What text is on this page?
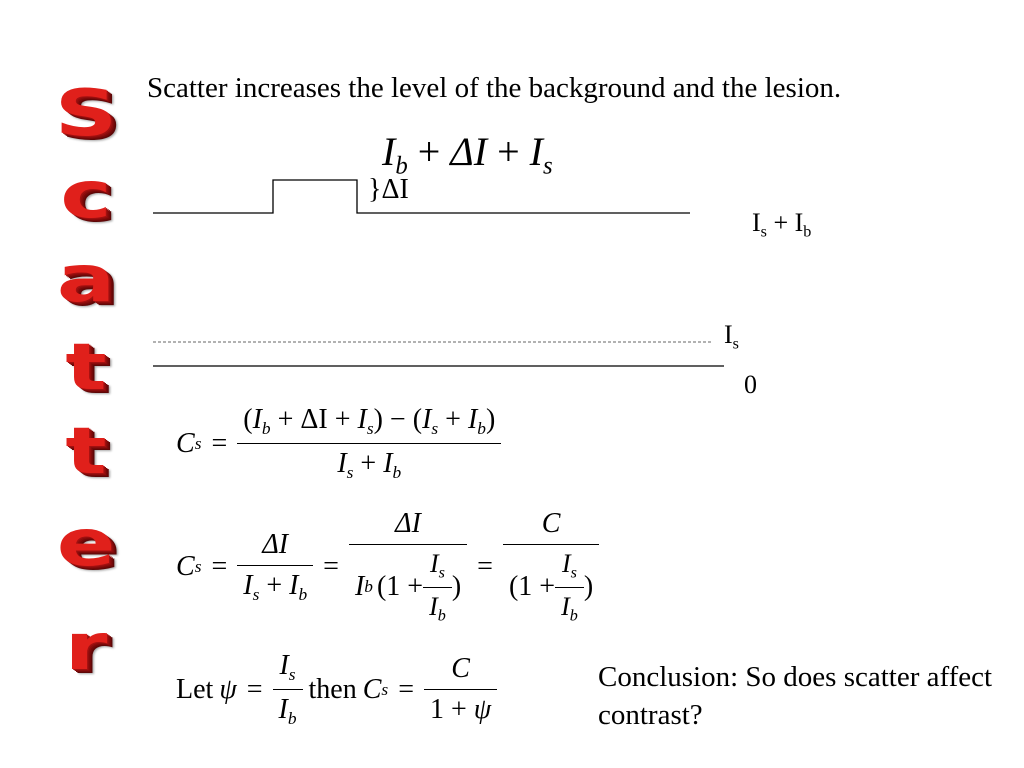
S
c
a
t
t
e
r
Scatter increases the level of the background and the lesion.
$I_b + \Delta I + I_s$
}ΔI
$I_s + I_b$
$I_s$
0
C $s = \frac{(I_b + \Delta I + I_s) - (I_s + I_b)}{I_s + I_b}$
C $s = \frac{\Delta I}{I_s + I_b} = \frac{\Delta I}{I b (1 + \frac{I_s}{I_b} )} = \frac{C}{(1 + \frac{I_s}{I_b} )}$
Let $\psi = \frac{I_s}{I_b}$ then C $s = \frac{C}{1 + \psi}$	Conclusion: So does scatter affect contrast?
